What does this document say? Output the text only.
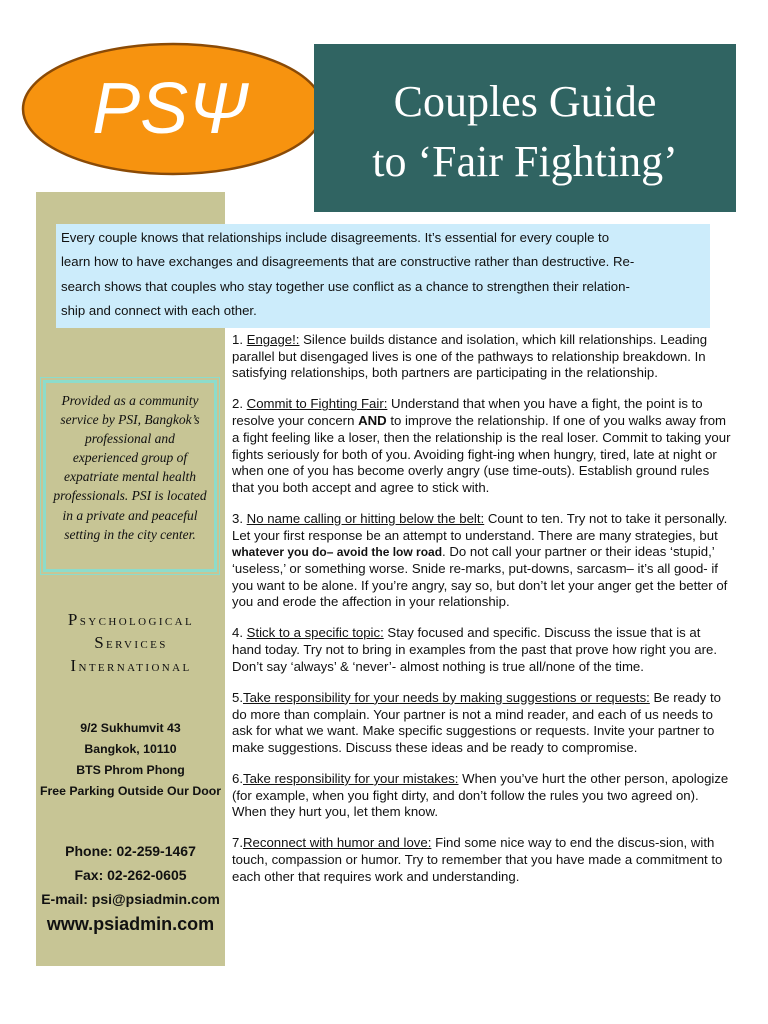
PSΨ	Couples Guide
to ‘Fair Fighting’
Every couple knows that relationships include disagreements. It’s essential for every couple to
learn how to have exchanges and disagreements that are constructive rather than destructive. Re-
search shows that couples who stay together use conflict as a chance to strengthen their relation-
ship and connect with each other.
Provided as a community service by PSI, Bangkok’s professional and experienced group of expatriate mental health professionals. PSI is located in a private and peaceful setting in the city center.
Psychological
Services
International
9/2 Sukhumvit 43
Bangkok, 10110
BTS Phrom Phong
Free Parking Outside Our Door
Phone: 02-259-1467
Fax: 02-262-0605
E-mail: psi@psiadmin.com
www.psiadmin.com

1. Engage!: Silence builds distance and isolation, which kill relationships. Leading parallel but disengaged lives is one of the pathways to relationship breakdown. In satisfying relationships, both partners are participating in the relationship.

2. Commit to Fighting Fair: Understand that when you have a fight, the point is to resolve your concern AND to improve the relationship. If one of you walks away from a fight feeling like a loser, then the relationship is the real loser. Commit to taking your fights seriously for both of you. Avoiding fight-ing when hungry, tired, late at night or when one of you has become overly angry (use time-outs). Establish ground rules that you both accept and agree to stick with.

3. No name calling or hitting below the belt: Count to ten. Try not to take it personally. Let your first response be an attempt to understand. There are many strategies, but whatever you do– avoid the low road. Do not call your partner or their ideas ‘stupid,’ ‘useless,’ or something worse. Snide re-marks, put-downs, sarcasm– it’s all good- if you want to be alone. If you’re angry, say so, but don’t let your anger get the better of you and erode the affection in your relationship.

4. Stick to a specific topic: Stay focused and specific. Discuss the issue that is at hand today. Try not to bring in examples from the past that prove how right you are. Don’t say ‘always’ & ‘never’- almost nothing is true all/none of the time.

5.Take responsibility for your needs by making suggestions or requests: Be ready to do more than complain. Your partner is not a mind reader, and each of us needs to ask for what we want. Make specific suggestions or requests. Invite your partner to make suggestions. Discuss these ideas and be ready to compromise.

6.Take responsibility for your mistakes: When you’ve hurt the other person, apologize (for example, when you fight dirty, and don’t follow the rules you two agreed on). When they hurt you, let them know.

7.Reconnect with humor and love: Find some nice way to end the discus-sion, with touch, compassion or humor. Try to remember that you have made a commitment to each other that requires work and understanding.
